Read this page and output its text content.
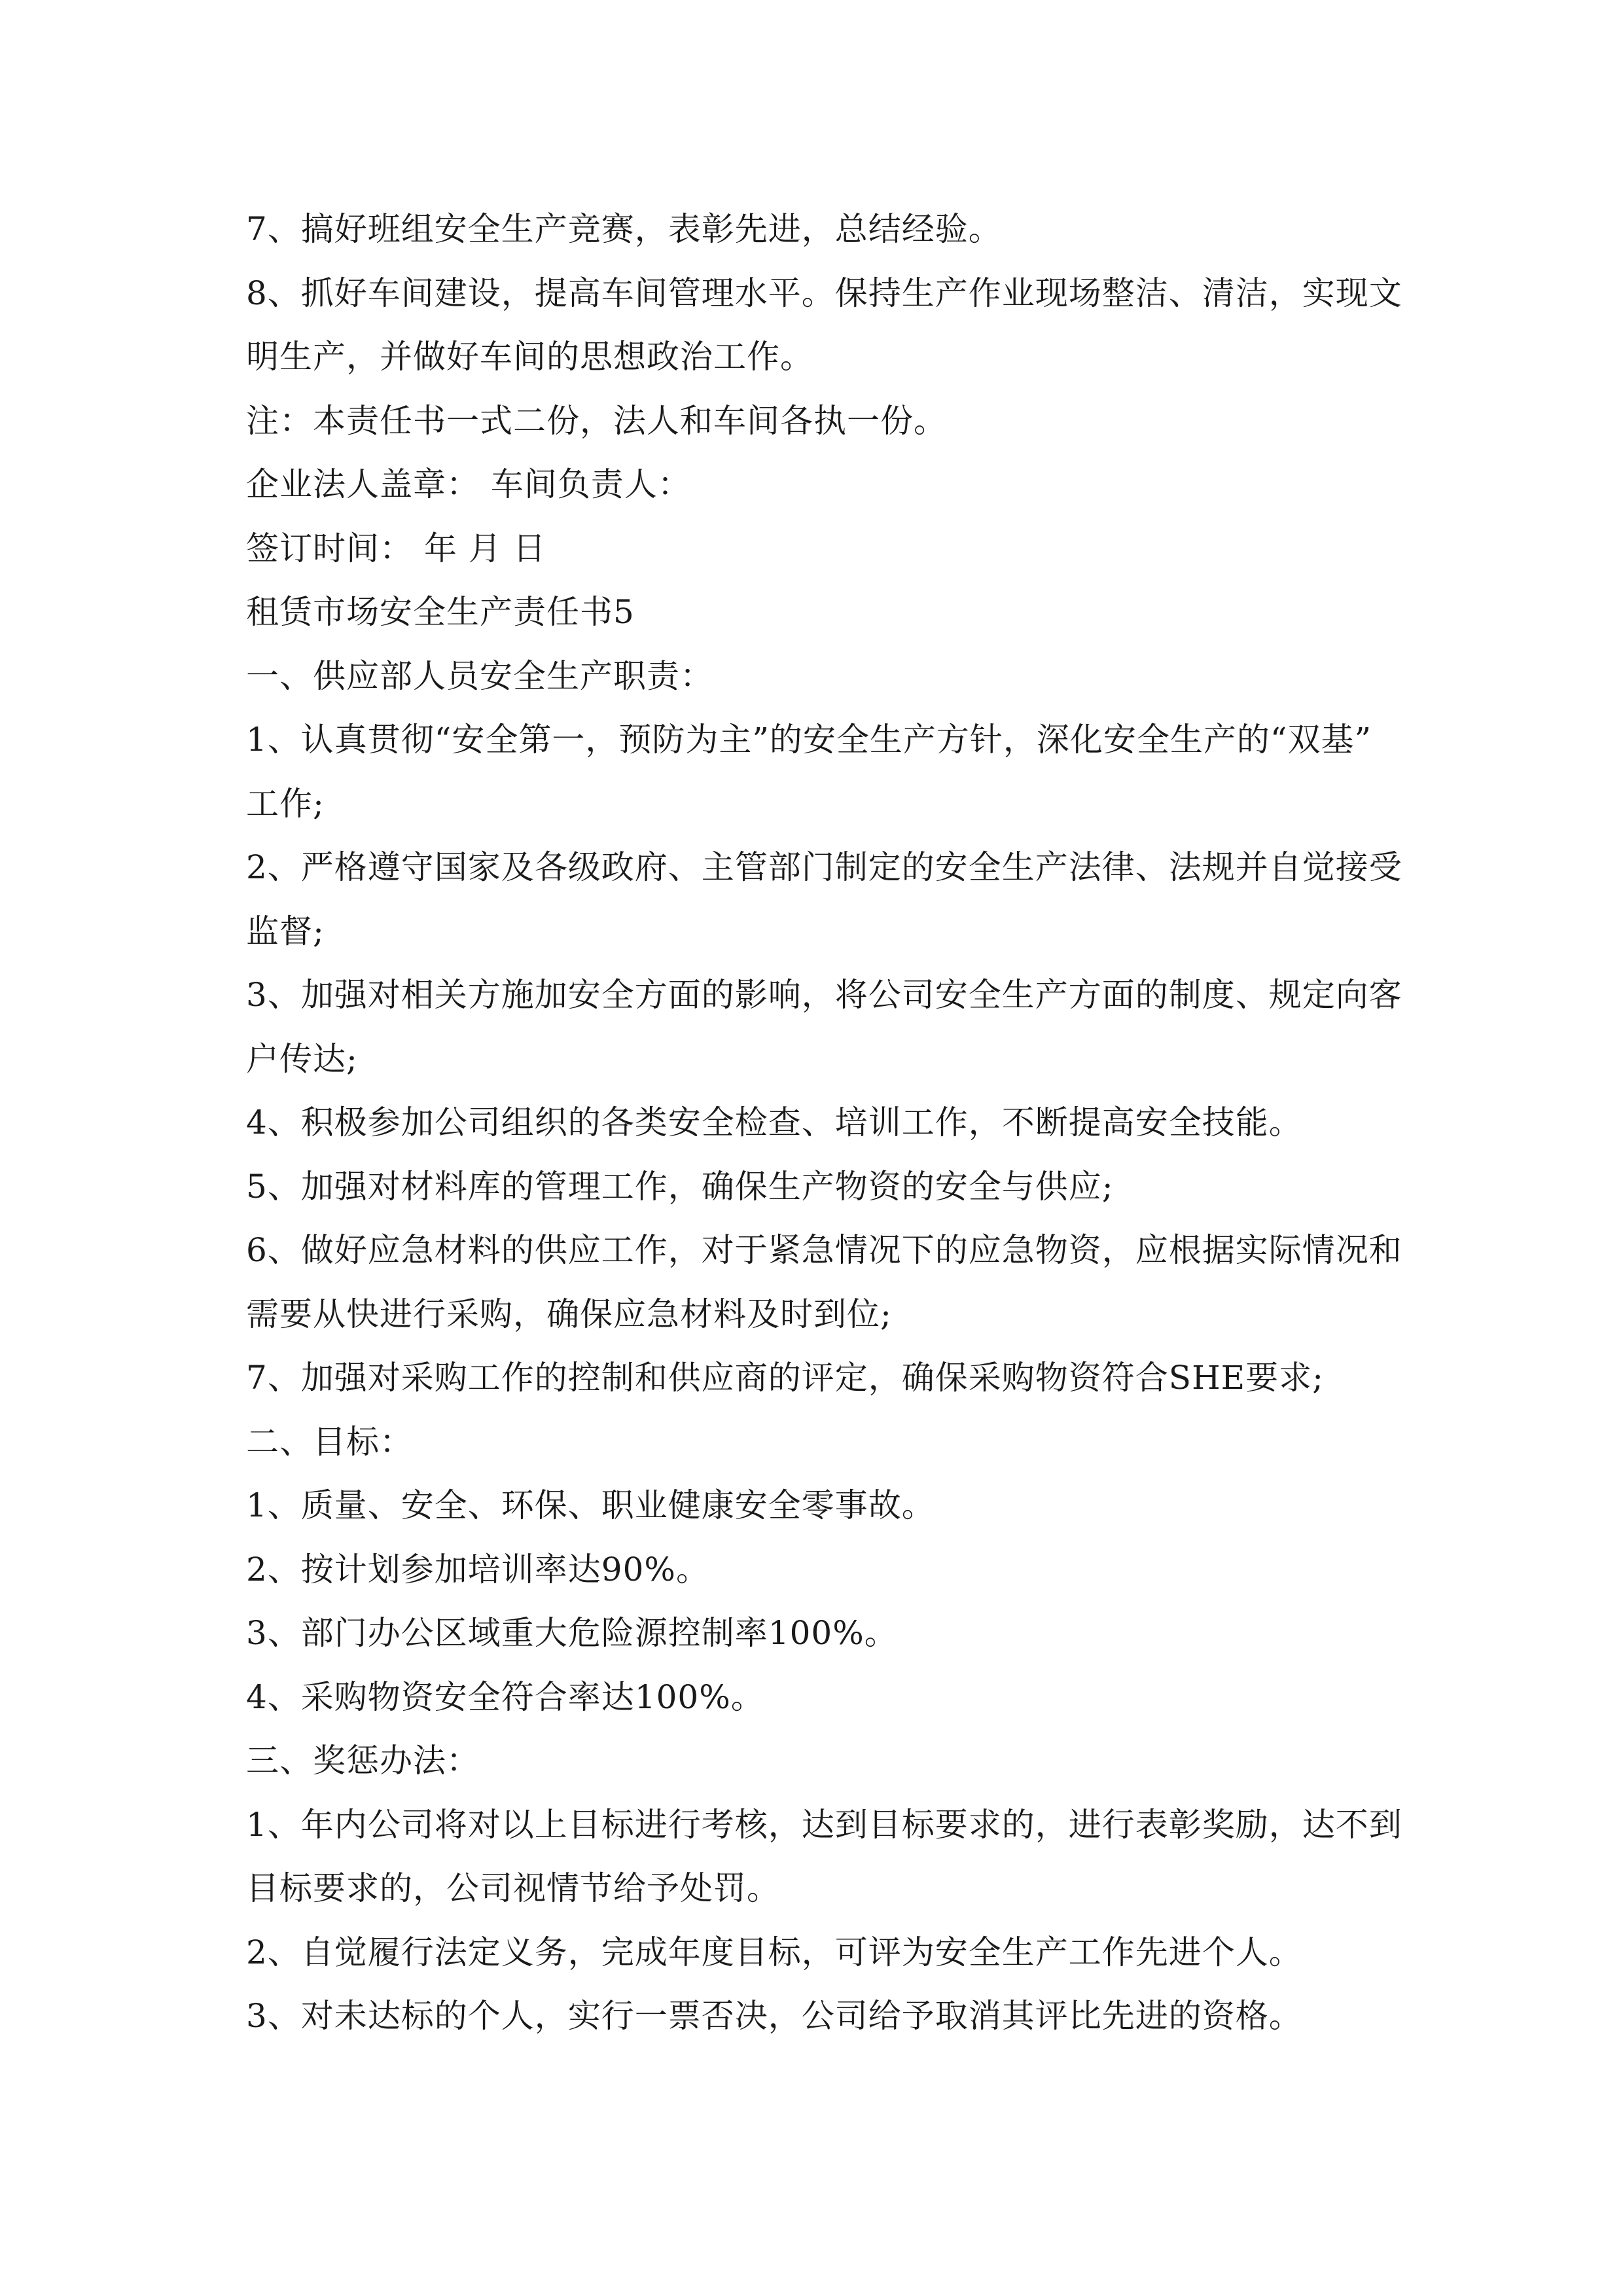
7、搞好班组安全生产竞赛，表彰先进，总结经验。
8、抓好车间建设，提高车间管理水平。保持生产作业现场整洁、清洁，实现文
明生产，并做好车间的思想政治工作。
注：本责任书一式二份，法人和车间各执一份。
企业法人盖章： 车间负责人：
签订时间： 年 月 日
租赁市场安全生产责任书5
一、供应部人员安全生产职责：
1、认真贯彻“安全第一，预防为主”的安全生产方针，深化安全生产的“双基”
工作;
2、严格遵守国家及各级政府、主管部门制定的安全生产法律、法规并自觉接受
监督;
3、加强对相关方施加安全方面的影响，将公司安全生产方面的制度、规定向客
户传达;
4、积极参加公司组织的各类安全检查、培训工作，不断提高安全技能。
5、加强对材料库的管理工作，确保生产物资的安全与供应;
6、做好应急材料的供应工作，对于紧急情况下的应急物资，应根据实际情况和
需要从快进行采购，确保应急材料及时到位;
7、加强对采购工作的控制和供应商的评定，确保采购物资符合SHE要求;
二、目标：
1、质量、安全、环保、职业健康安全零事故。
2、按计划参加培训率达90%。
3、部门办公区域重大危险源控制率100%。
4、采购物资安全符合率达100%。
三、奖惩办法：
1、年内公司将对以上目标进行考核，达到目标要求的，进行表彰奖励，达不到
目标要求的，公司视情节给予处罚。
2、自觉履行法定义务，完成年度目标，可评为安全生产工作先进个人。
3、对未达标的个人，实行一票否决，公司给予取消其评比先进的资格。
